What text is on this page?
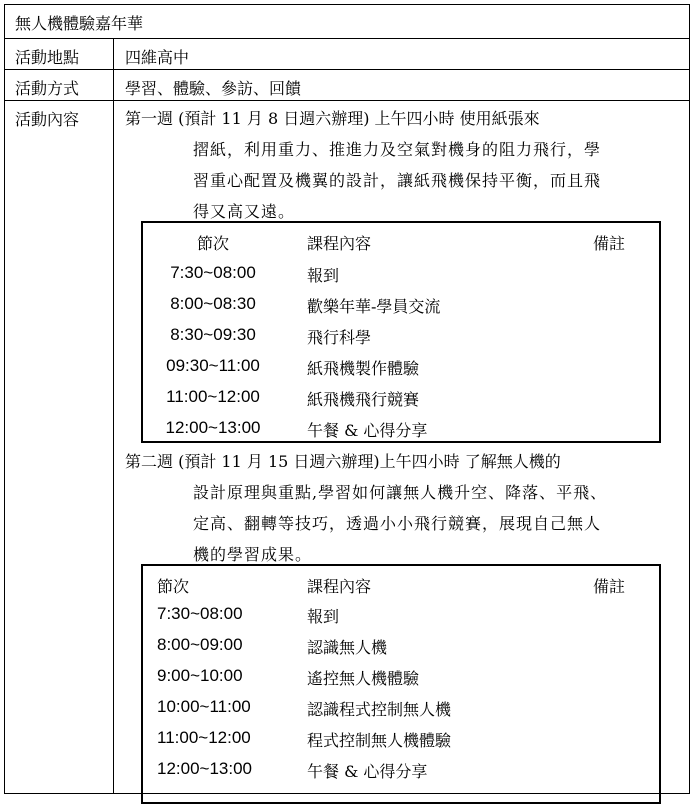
無人機體驗嘉年華
活動地點	四維高中
活動方式	學習、體驗、參訪、回饋
活動內容	第一週 (預計 11 月 8 日週六辦理) 上午四小時 使用紙張來
摺紙，利用重力、推進力及空氣對機身的阻力飛行，學
習重心配置及機翼的設計，讓紙飛機保持平衡，而且飛
得又高又遠。
節次	課程內容	備註
7:30~08:00	報到
8:00~08:30	歡樂年華-學員交流
8:30~09:30	飛行科學
09:30~11:00	紙飛機製作體驗
11:00~12:00	紙飛機飛行競賽
12:00~13:00	午餐 & 心得分享
第二週 (預計 11 月 15 日週六辦理)上午四小時 了解無人機的
設計原理與重點,學習如何讓無人機升空、降落、平飛、
定高、翻轉等技巧，透過小小飛行競賽，展現自己無人
機的學習成果。
節次	課程內容	備註
7:30~08:00	報到
8:00~09:00	認識無人機
9:00~10:00	遙控無人機體驗
10:00~11:00	認識程式控制無人機
11:00~12:00	程式控制無人機體驗
12:00~13:00	午餐 & 心得分享
